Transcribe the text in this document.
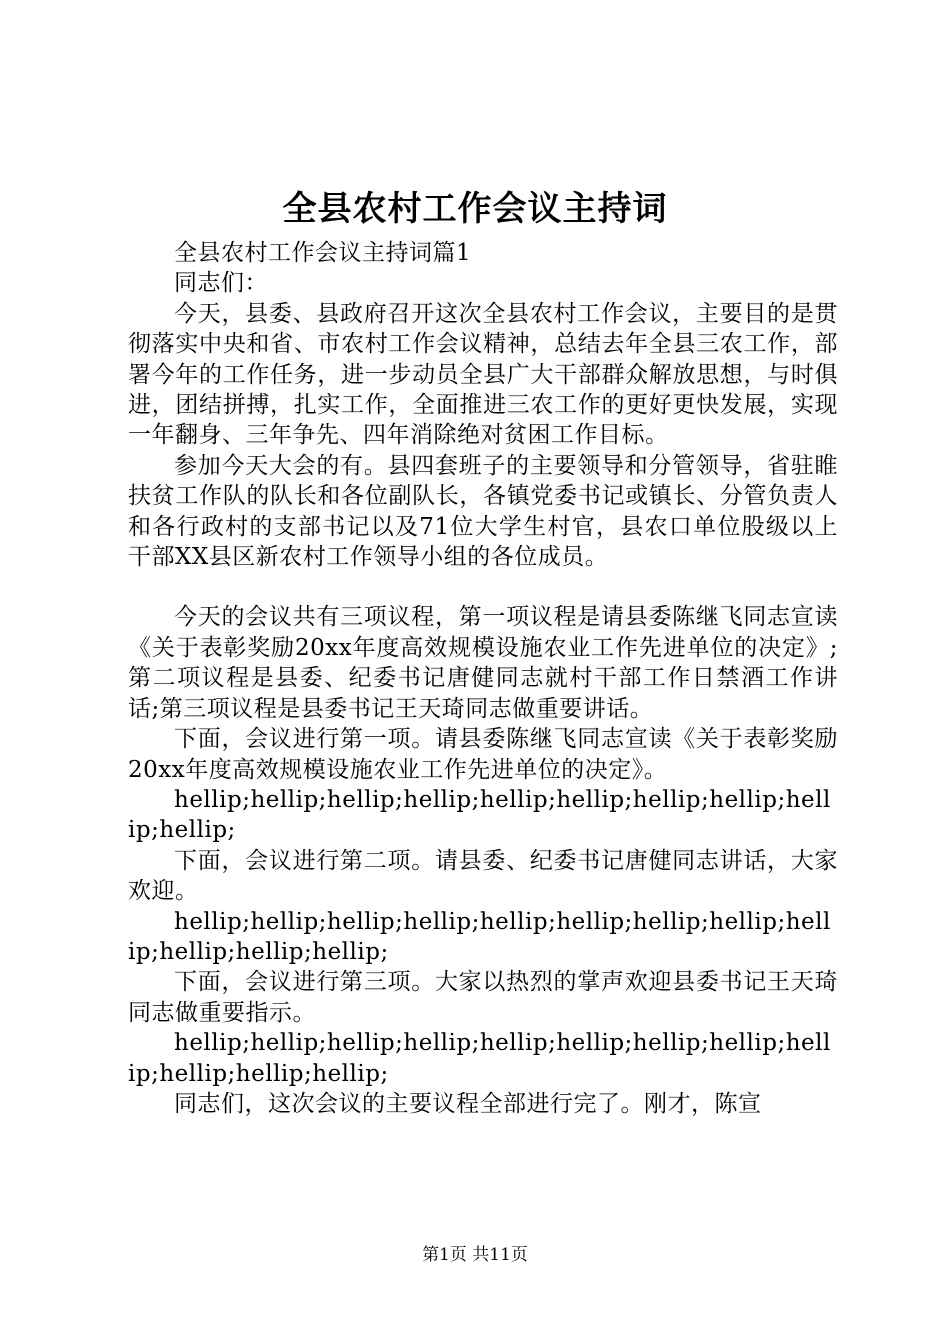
全县农村工作会议主持词

全县农村工作会议主持词篇1

同志们：

今天，县委、县政府召开这次全县农村工作会议，主要目的是贯彻落实中央和省、市农村工作会议精神，总结去年全县三农工作，部署今年的工作任务，进一步动员全县广大干部群众解放思想，与时俱进，团结拼搏，扎实工作，全面推进三农工作的更好更快发展，实现一年翻身、三年争先、四年消除绝对贫困工作目标。

参加今天大会的有。县四套班子的主要领导和分管领导，省驻睢扶贫工作队的队长和各位副队长，各镇党委书记或镇长、分管负责人和各行政村的支部书记以及71位大学生村官，县农口单位股级以上干部XX县区新农村工作领导小组的各位成员。

今天的会议共有三项议程，第一项议程是请县委陈继飞同志宣读《关于表彰奖励20xx年度高效规模设施农业工作先进单位的决定》;第二项议程是县委、纪委书记唐健同志就村干部工作日禁酒工作讲话;第三项议程是县委书记王天琦同志做重要讲话。

下面，会议进行第一项。请县委陈继飞同志宣读《关于表彰奖励20xx年度高效规模设施农业工作先进单位的决定》。

hellip;hellip;hellip;hellip;hellip;hellip;hellip;hellip;hellip;hellip;

下面，会议进行第二项。请县委、纪委书记唐健同志讲话，大家欢迎。

hellip;hellip;hellip;hellip;hellip;hellip;hellip;hellip;hellip;hellip;hellip;hellip;

下面，会议进行第三项。大家以热烈的掌声欢迎县委书记王天琦同志做重要指示。

hellip;hellip;hellip;hellip;hellip;hellip;hellip;hellip;hellip;hellip;hellip;hellip;

同志们，这次会议的主要议程全部进行完了。刚才，陈宣

第1页 共11页
